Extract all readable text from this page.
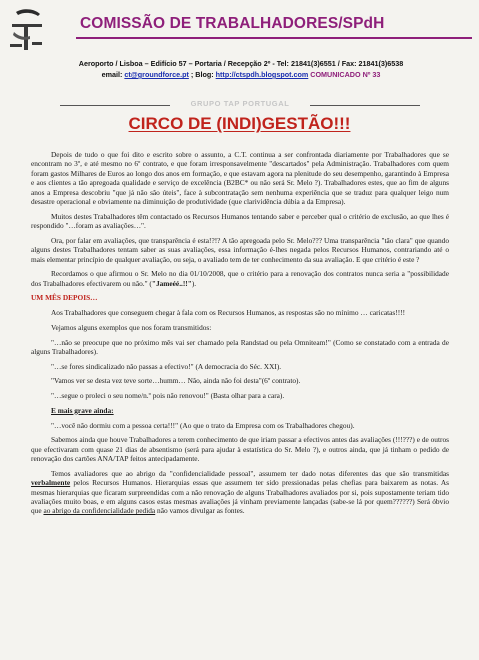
COMISSÃO DE TRABALHADORES/SPdH
Aeroporto / Lisboa – Edifício 57 – Portaria / Recepção 2º - Tel: 21841(3)6551 / Fax: 21841(3)6538
email: ct@groundforce.pt ; Blog: http://ctspdh.blogspot.com COMUNICADO Nº 33
GRUPO TAP PORTUGAL
CIRCO DE (INDI)GESTÃO!!!

Depois de tudo o que foi dito e escrito sobre o assunto, a C.T. continua a ser confrontada diariamente por Trabalhadores que se encontram no 3º, e até mesmo no 6º contrato, e que foram irresponsavelmente "descartados" pela Administração. Trabalhadores com quem foram gastos Milhares de Euros ao longo dos anos em formação, e que estavam agora na plenitude do seu desempenho, garantindo à Empresa e aos clientes a tão apregoada qualidade e serviço de excelência (B2BC* ou não será Sr. Melo ?). Trabalhadores estes, que ao fim de alguns anos a Empresa descobriu "que já não são úteis", face à subcontratação sem nenhuma experiência que se traduz para qualquer leigo num desastre operacional e obviamente na diminuição de produtividade (que clarividência dúbia a da Empresa).

Muitos destes Trabalhadores têm contactado os Recursos Humanos tentando saber e perceber qual o critério de exclusão, ao que lhes é respondido "…foram as avaliações…".

Ora, por falar em avaliações, que transparência é esta!?!? A tão apregoada pelo Sr. Melo??? Uma transparência "tão clara" que quando alguns destes Trabalhadores tentam saber as suas avaliações, essa informação é-lhes negada pelos Recursos Humanos, contrariando até o mais elementar princípio de qualquer avaliação, ou seja, o avaliado tem de ter conhecimento da sua avaliação. E que critério é este ?

Recordamos o que afirmou o Sr. Melo no dia 01/10/2008, que o critério para a renovação dos contratos nunca seria a "possibilidade dos Trabalhadores efectivarem ou não." ("Jameéé..!!").

UM MÊS DEPOIS…

Aos Trabalhadores que conseguem chegar à fala com os Recursos Humanos, as respostas são no mínimo … caricatas!!!!

Vejamos alguns exemplos que nos foram transmitidos:

"…não se preocupe que no próximo mês vai ser chamado pela Randstad ou pela Omniteam!" (Como se constatado com a entrada de alguns Trabalhadores).

"…se fores sindicalizado não passas a efectivo!" (A democracia do Séc. XXI).

"Vamos ver se desta vez teve sorte…humm… Não, ainda não foi desta"(6º contrato).

"…segue o proleci o seu nome/n.º pois não renovou!" (Basta olhar para a cara).

E mais grave ainda:

"…você não dormiu com a pessoa certa!!!" (Ao que o trato da Empresa com os Trabalhadores chegou).

Sabemos ainda que houve Trabalhadores a terem conhecimento de que iriam passar a efectivos antes das avaliações (!!!???) e de outros que efectivaram com quase 21 dias de absentismo (será para ajudar à estatística do Sr. Melo ?), e outros ainda, que já tinham o pedido de renovação dos cartões ANA/TAP feitos antecipadamente.

Temos avaliadores que ao abrigo da "confidencialidade pessoal", assumem ter dado notas diferentes das que são transmitidas verbalmente pelos Recursos Humanos. Hierarquias essas que assumem ter sido pressionadas pelas chefias para baixarem as notas. As mesmas hierarquias que ficaram surpreendidas com a não renovação de alguns Trabalhadores avaliados por si, pois supostamente teriam tido avaliações muito boas, e em alguns casos estas mesmas avaliações já vinham previamente lançadas (sabe-se lá por quem??????) Será óbvio que ao abrigo da confidencialidade pedida não vamos divulgar as fontes.
